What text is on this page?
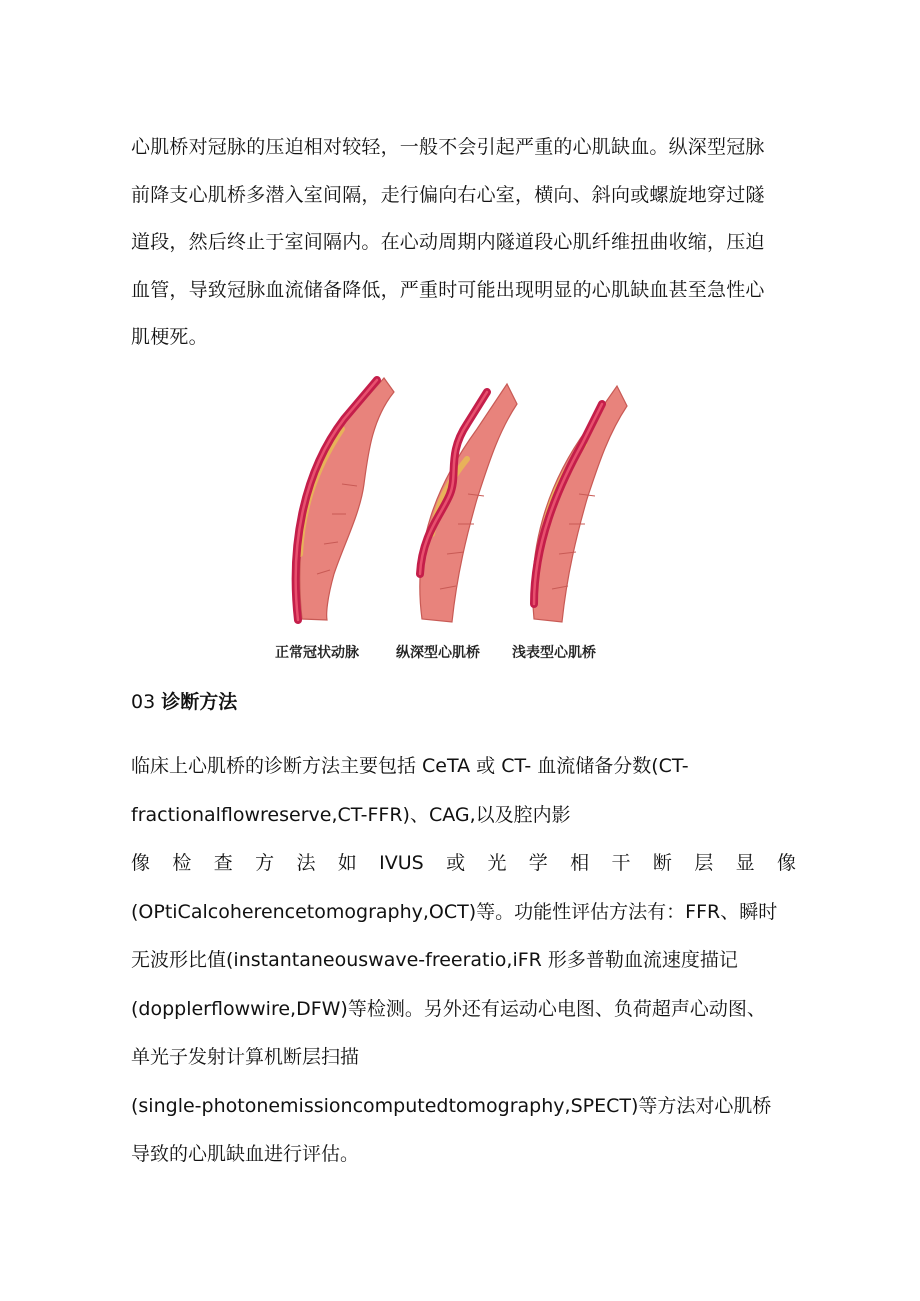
心肌桥对冠脉的压迫相对较轻，一般不会引起严重的心肌缺血。纵深型冠脉
前降支心肌桥多潜入室间隔，走行偏向右心室，横向、斜向或螺旋地穿过隧
道段，然后终止于室间隔内。在心动周期内隧道段心肌纤维扭曲收缩，压迫
血管，导致冠脉血流储备降低，严重时可能出现明显的心肌缺血甚至急性心
肌梗死。
正常冠状动脉	纵深型心肌桥 浅表型心肌桥
03 诊断方法
临床上心肌桥的诊断方法主要包括 CeTA 或 CT- 血流储备分数(CT-
fractionalflowreserve,CT-FFR)、CAG,以及腔内影
像 检 查 方 法 如 IVUS 或 光 学 相 干 断 层 显 像
(OPtiCalcoherencetomography,OCT)等。功能性评估方法有：FFR、瞬时
无波形比值(instantaneouswave-freeratio,iFR 形多普勒血流速度描记
(dopplerflowwire,DFW)等检测。另外还有运动心电图、负荷超声心动图、
单光子发射计算机断层扫描
(single-photonemissioncomputedtomography,SPECT)等方法对心肌桥
导致的心肌缺血进行评估。
